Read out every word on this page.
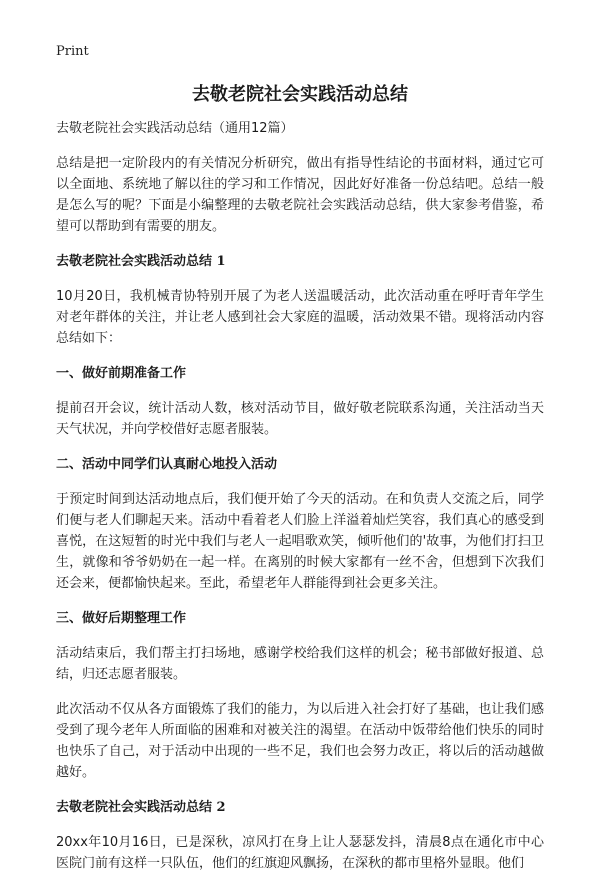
Print
去敬老院社会实践活动总结

去敬老院社会实践活动总结（通用12篇）

总结是把一定阶段内的有关情况分析研究，做出有指导性结论的书面材料，通过它可以全面地、系统地了解以往的学习和工作情况，因此好好准备一份总结吧。总结一般是怎么写的呢？下面是小编整理的去敬老院社会实践活动总结，供大家参考借鉴，希望可以帮助到有需要的朋友。

去敬老院社会实践活动总结 1

10月20日，我机械青协特别开展了为老人送温暖活动，此次活动重在呼吁青年学生对老年群体的关注，并让老人感到社会大家庭的温暖，活动效果不错。现将活动内容总结如下：

一、做好前期准备工作

提前召开会议，统计活动人数，核对活动节目，做好敬老院联系沟通，关注活动当天天气状况，并向学校借好志愿者服装。

二、活动中同学们认真耐心地投入活动

于预定时间到达活动地点后，我们便开始了今天的活动。在和负责人交流之后，同学们便与老人们聊起天来。活动中看着老人们脸上洋溢着灿烂笑容，我们真心的感受到喜悦，在这短暂的时光中我们与老人一起唱歌欢笑，倾听他们的'故事，为他们打扫卫生，就像和爷爷奶奶在一起一样。在离别的时候大家都有一丝不舍，但想到下次我们还会来，便都愉快起来。至此，希望老年人群能得到社会更多关注。

三、做好后期整理工作

活动结束后，我们帮主打扫场地，感谢学校给我们这样的机会；秘书部做好报道、总结，归还志愿者服装。

此次活动不仅从各方面锻炼了我们的能力，为以后进入社会打好了基础，也让我们感受到了现今老年人所面临的困难和对被关注的渴望。在活动中饭带给他们快乐的同时也快乐了自己，对于活动中出现的一些不足，我们也会努力改正，将以后的活动越做越好。

去敬老院社会实践活动总结 2

20xx年10月16日，已是深秋，凉风打在身上让人瑟瑟发抖，清晨8点在通化市中心医院门前有这样一只队伍，他们的红旗迎风飘扬，在深秋的都市里格外显眼。他们
